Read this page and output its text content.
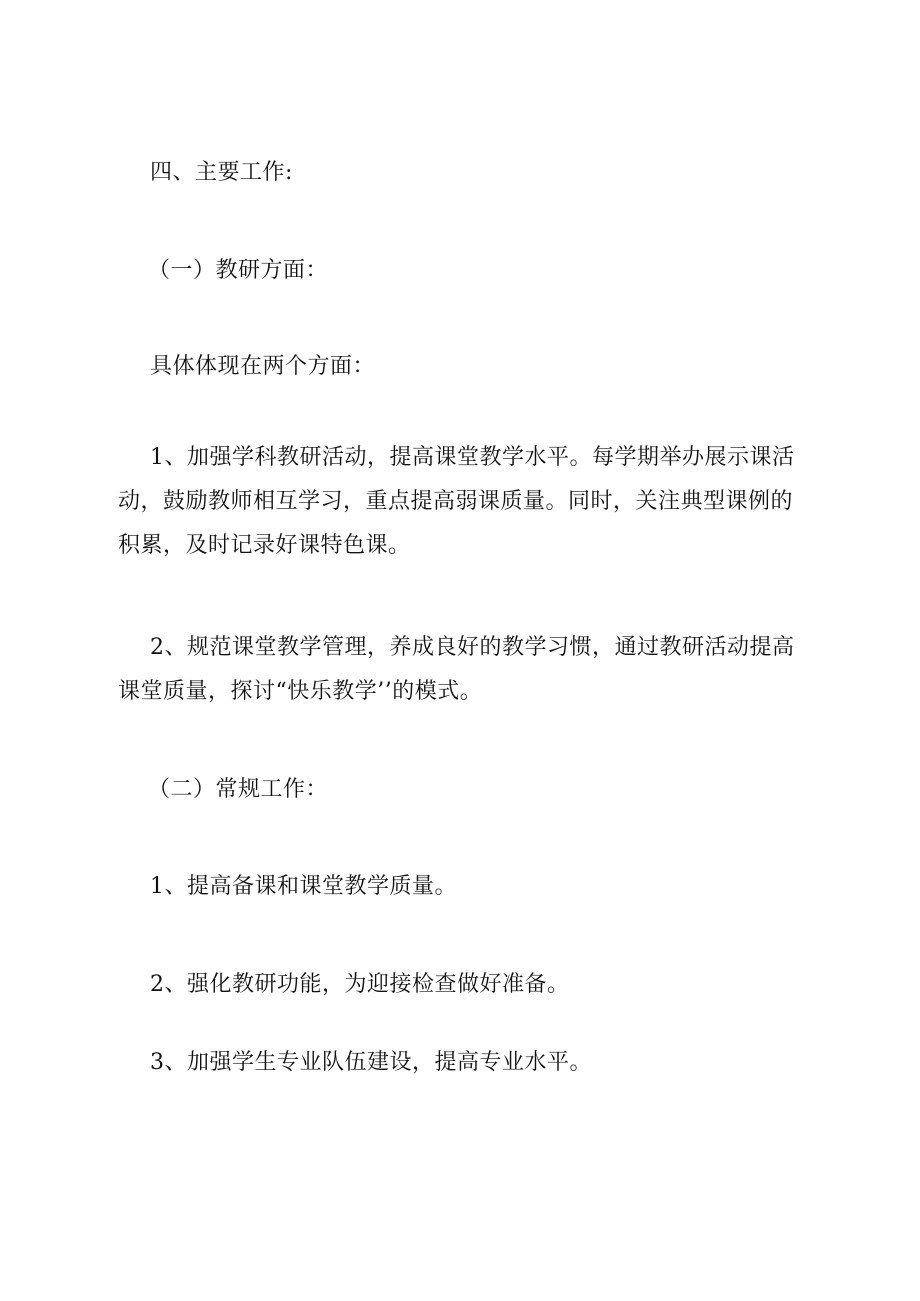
四、主要工作:
（一）教研方面：
具体体现在两个方面：
1、加强学科教研活动，提高课堂教学水平。每学期举办展示课活动，鼓励教师相互学习，重点提高弱课质量。同时，关注典型课例的积累，及时记录好课特色课。
2、规范课堂教学管理，养成良好的教学习惯，通过教研活动提高课堂质量，探讨“快乐教学’’的模式。
（二）常规工作：
1、提高备课和课堂教学质量。
2、强化教研功能，为迎接检查做好准备。
3、加强学生专业队伍建设，提高专业水平。
